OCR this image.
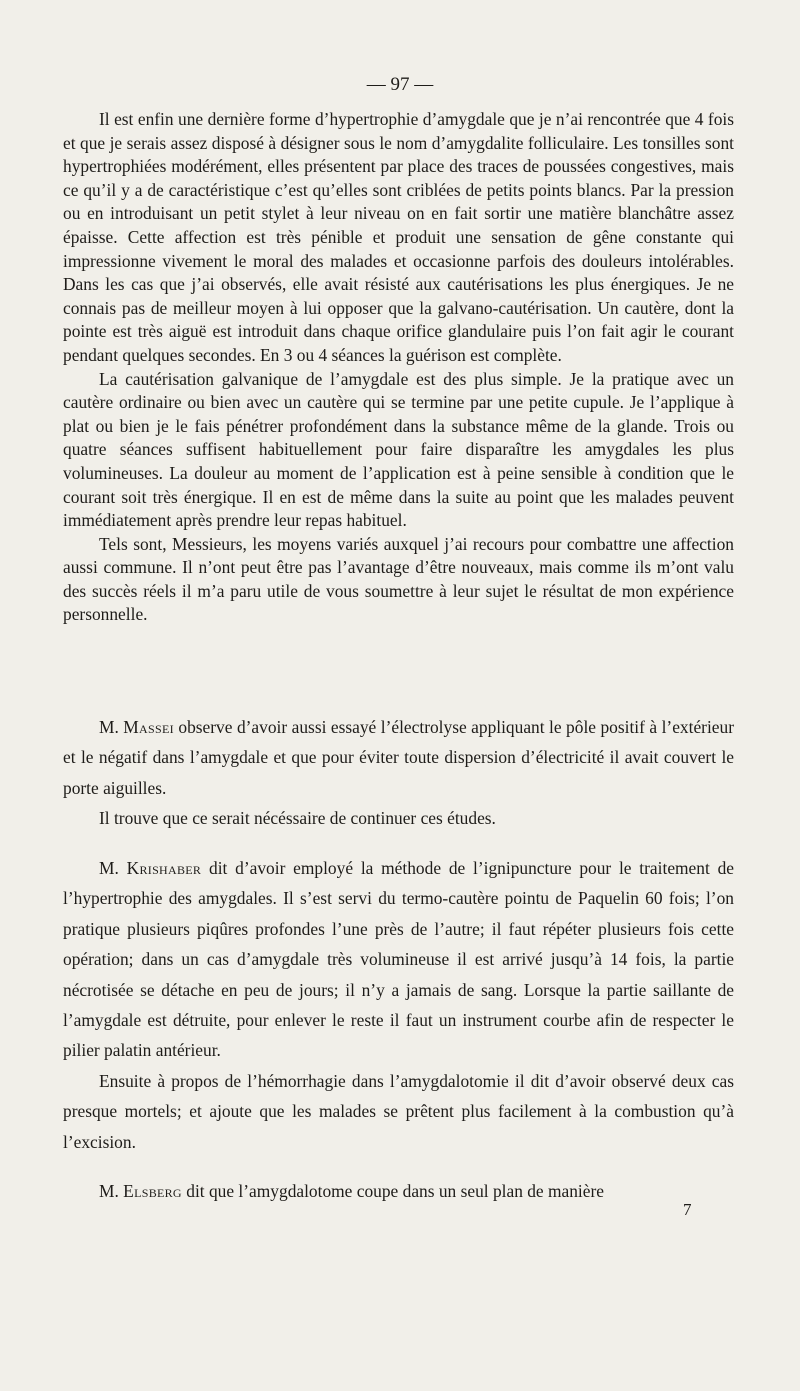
— 97 —

Il est enfin une dernière forme d’hypertrophie d’amygdale que je n’ai rencontrée que 4 fois et que je serais assez disposé à désigner sous le nom d’amygdalite folliculaire. Les tonsilles sont hypertrophiées modérément, elles présentent par place des traces de poussées congestives, mais ce qu’il y a de caractéristique c’est qu’elles sont criblées de petits points blancs. Par la pression ou en introduisant un petit stylet à leur niveau on en fait sortir une matière blanchâtre assez épaisse. Cette affection est très pénible et produit une sensation de gêne constante qui impressionne vivement le moral des malades et occasionne parfois des douleurs intolérables. Dans les cas que j’ai observés, elle avait résisté aux cautérisations les plus énergiques. Je ne connais pas de meilleur moyen à lui opposer que la galvano-cautérisation. Un cautère, dont la pointe est très aiguë est introduit dans chaque orifice glandulaire puis l’on fait agir le courant pendant quelques secondes. En 3 ou 4 séances la guérison est complète.

La cautérisation galvanique de l’amygdale est des plus simple. Je la pratique avec un cautère ordinaire ou bien avec un cautère qui se termine par une petite cupule. Je l’applique à plat ou bien je le fais pénétrer profondément dans la substance même de la glande. Trois ou quatre séances suffisent habituellement pour faire disparaître les amygdales les plus volumineuses. La douleur au moment de l’application est à peine sensible à condition que le courant soit très énergique. Il en est de même dans la suite au point que les malades peuvent immédiatement après prendre leur repas habituel.

Tels sont, Messieurs, les moyens variés auxquel j’ai recours pour combattre une affection aussi commune. Il n’ont peut être pas l’avantage d’être nouveaux, mais comme ils m’ont valu des succès réels il m’a paru utile de vous soumettre à leur sujet le résultat de mon expérience personnelle.

M. Massei observe d’avoir aussi essayé l’électrolyse appliquant le pôle positif à l’extérieur et le négatif dans l’amygdale et que pour éviter toute dispersion d’électricité il avait couvert le porte aiguilles.

Il trouve que ce serait nécéssaire de continuer ces études.

M. Krishaber dit d’avoir employé la méthode de l’ignipuncture pour le traitement de l’hypertrophie des amygdales. Il s’est servi du termo-cautère pointu de Paquelin 60 fois; l’on pratique plusieurs piqûres profondes l’une près de l’autre; il faut répéter plusieurs fois cette opération; dans un cas d’amygdale très volumineuse il est arrivé jusqu’à 14 fois, la partie nécrotisée se détache en peu de jours; il n’y a jamais de sang. Lorsque la partie saillante de l’amygdale est détruite, pour enlever le reste il faut un instrument courbe afin de respecter le pilier palatin antérieur.

Ensuite à propos de l’hémorrhagie dans l’amygdalotomie il dit d’avoir observé deux cas presque mortels; et ajoute que les malades se prêtent plus facilement à la combustion qu’à l’excision.

M. Elsberg dit que l’amygdalotome coupe dans un seul plan de manière

7
